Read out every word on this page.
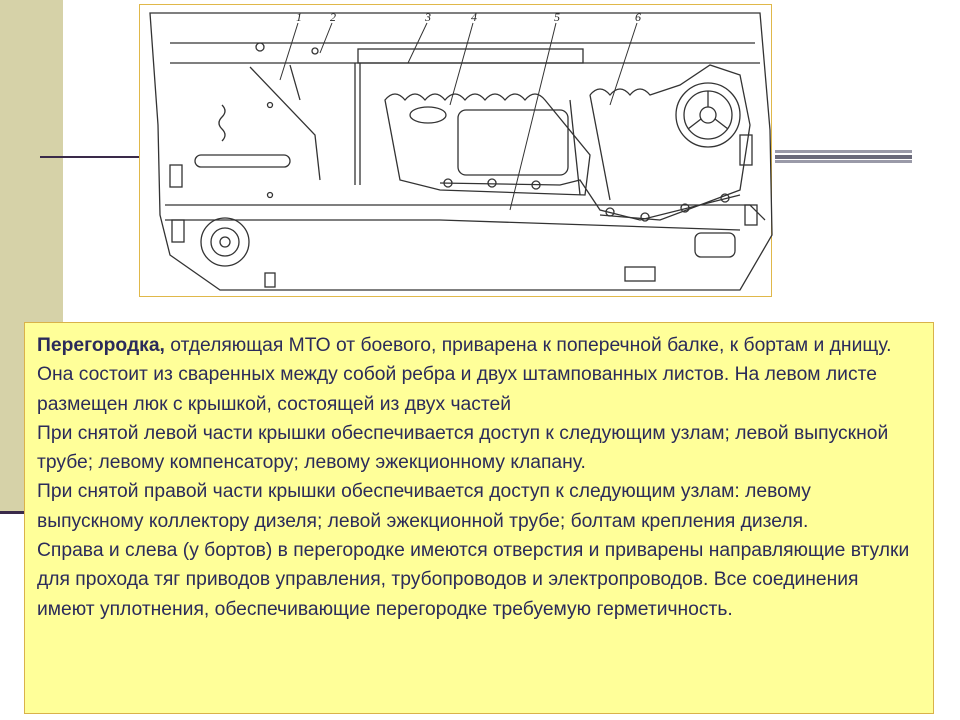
1 2	3	4	5	6

Перегородка, отделяющая МТО от боевого, приварена к поперечной балке, к бортам и днищу. Она состоит из сваренных между собой ребра и двух штампованных листов. На левом листе размещен люк с крышкой, состоящей из двух частей

При снятой левой части крышки обеспечивается доступ к следующим узлам; левой выпускной трубе; левому компенсатору; левому эжекционному клапану.

При снятой правой части крышки обеспечивается доступ к следующим узлам: левому выпускному коллектору дизеля; левой эжекционной трубе; болтам крепления дизеля.

Справа и слева (у бортов) в перегородке имеются отверстия и приварены направляющие втулки для прохода тяг приводов управления, трубопроводов и электропроводов. Все соединения имеют уплотнения, обеспечивающие перегородке требуемую герметичность.
